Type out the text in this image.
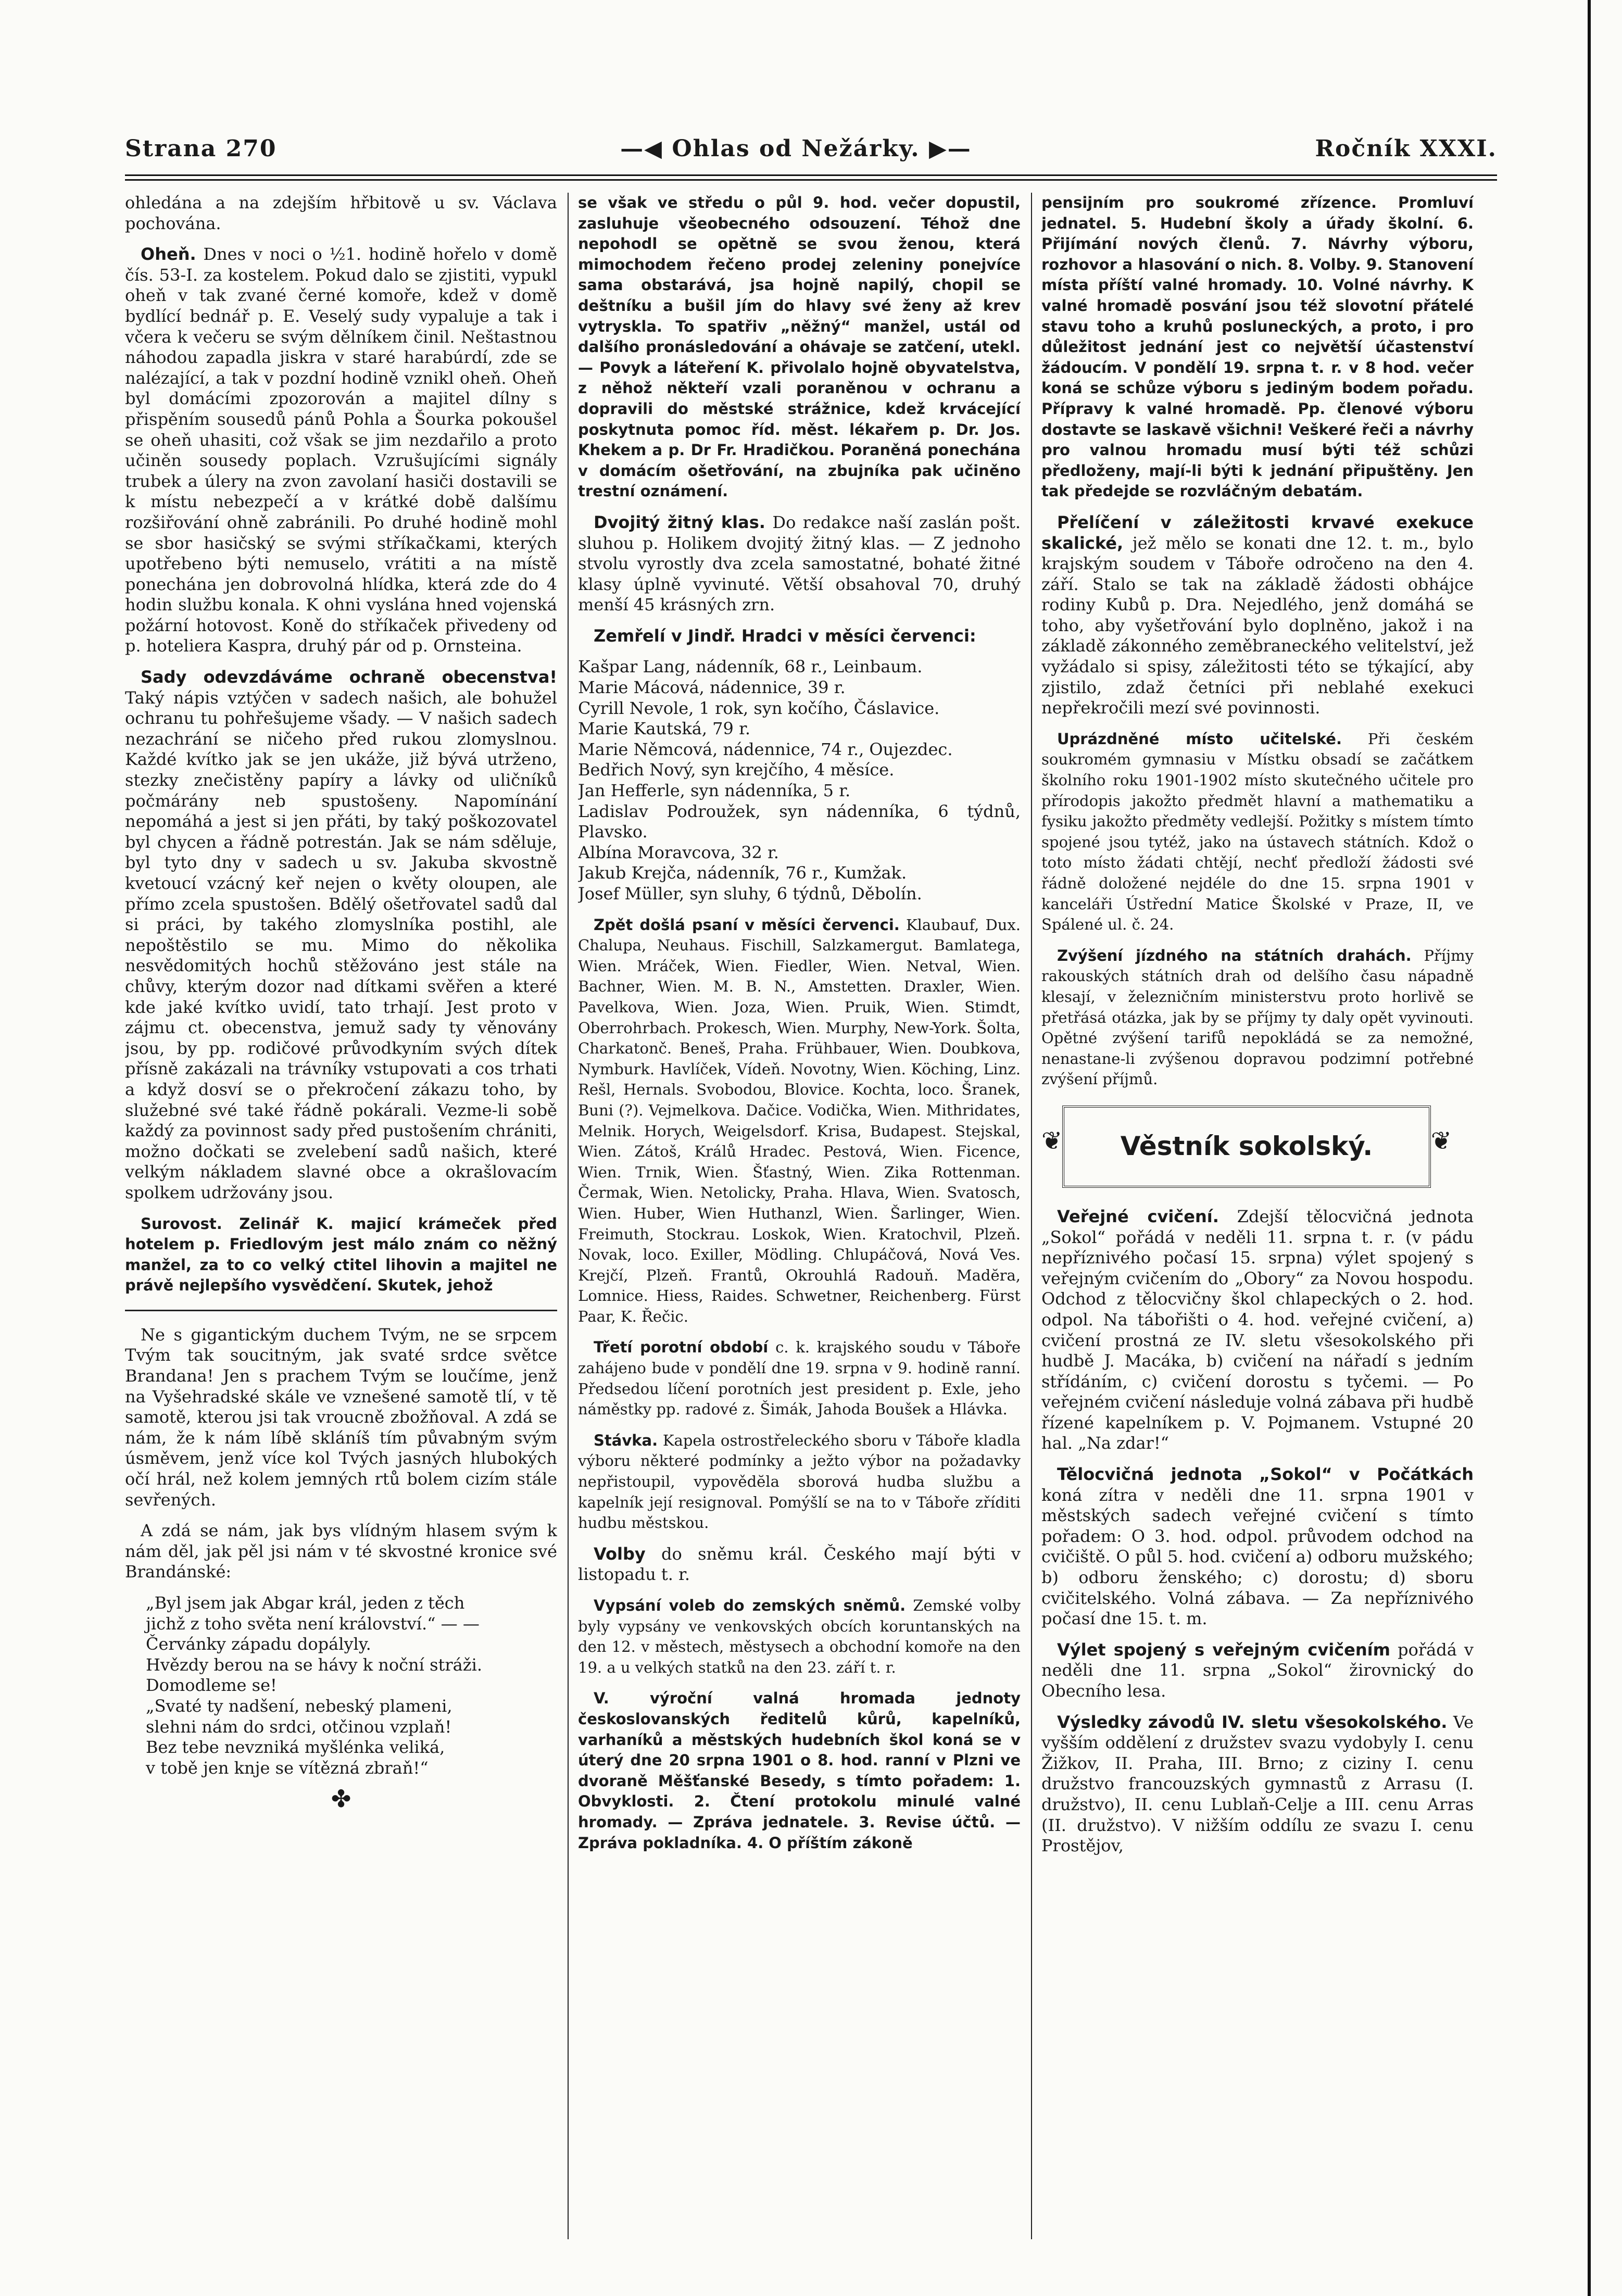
Strana 270	—◀ Ohlas od Nežárky. ▶—	Ročník XXXI.

ohledána a na zdejším hřbitově u sv. Václava pochována.

Oheň. Dnes v noci o ½1. hodině hořelo v domě čís. 53-I. za kostelem. Pokud dalo se zjistiti, vypukl oheň v tak zvané černé komoře, kdež v domě bydlící bednář p. E. Veselý sudy vypaluje a tak i včera k večeru se svým dělníkem činil. Neštastnou náhodou zapadla jiskra v staré harabúrdí, zde se nalézající, a tak v pozdní hodině vznikl oheň. Oheň byl domácími zpozorován a majitel dílny s přispěním sousedů pánů Pohla a Šourka pokoušel se oheň uhasiti, což však se jim nezdařilo a proto učiněn sousedy poplach. Vzrušujícími signály trubek a úlery na zvon zavolaní hasiči dostavili se k místu nebezpečí a v krátké době dalšímu rozšiřování ohně zabránili. Po druhé hodině mohl se sbor hasičský se svými stříkačkami, kterých upotřebeno býti nemuselo, vrátiti a na místě ponechána jen dobrovolná hlídka, která zde do 4 hodin službu konala. K ohni vyslána hned vojenská požární hotovost. Koně do stříkaček přivedeny od p. hoteliera Kaspra, druhý pár od p. Ornsteina.

Sady odevzdáváme ochraně obecenstva! Taký nápis vztýčen v sadech našich, ale bohužel ochranu tu pohřešujeme všady. — V našich sadech nezachrání se ničeho před rukou zlomyslnou. Každé kvítko jak se jen ukáže, již bývá utrženo, stezky znečistěny papíry a lávky od uličníků počmárány neb spustošeny. Napomínání nepomáhá a jest si jen přáti, by taký poškozovatel byl chycen a řádně potrestán. Jak se nám sděluje, byl tyto dny v sadech u sv. Jakuba skvostně kvetoucí vzácný keř nejen o květy oloupen, ale přímo zcela spustošen. Bdělý ošetřovatel sadů dal si práci, by takého zlomyslníka postihl, ale nepoštěstilo se mu. Mimo do několika nesvědomitých hochů stěžováno jest stále na chůvy, kterým dozor nad dítkami svěřen a které kde jaké kvítko uvidí, tato trhají. Jest proto v zájmu ct. obecenstva, jemuž sady ty věnovány jsou, by pp. rodičové průvodkyním svých dítek přísně zakázali na trávníky vstupovati a cos trhati a když dosví se o překročení zákazu toho, by služebné své také řádně pokárali. Vezme-li sobě každý za povinnost sady před pustošením chrániti, možno dočkati se zvelebení sadů našich, které velkým nákladem slavné obce a okrašlovacím spolkem udržovány jsou.

Surovost. Zelinář K. majicí krámeček před hotelem p. Friedlovým jest málo znám co něžný manžel, za to co velký ctitel lihovin a majitel ne právě nejlepšího vysvědčení. Skutek, jehož

Ne s gigantickým duchem Tvým, ne se srpcem Tvým tak soucitným, jak svaté srdce světce Brandana! Jen s prachem Tvým se loučíme, jenž na Vyšehradské skále ve vznešené samotě tlí, v tě samotě, kterou jsi tak vroucně zbožňoval. A zdá se nám, že k nám líbě skláníš tím půvabným svým úsměvem, jenž více kol Tvých jasných hlubokých očí hrál, než kolem jemných rtů bolem cizím stále sevřených.

A zdá se nám, jak bys vlídným hlasem svým k nám děl, jak pěl jsi nám v té skvostné kronice své Brandánské:

„Byl jsem jak Abgar král, jeden z těch
jichž z toho světa není království.“ — —
Červánky západu dopályly.
Hvězdy berou na se hávy k noční stráži.
Domodleme se!
„Svaté ty nadšení, nebeský plameni,
slehni nám do srdci, otčinou vzplaň!
Bez tebe nevzniká myšlénka veliká,
v tobě jen knje se vítězná zbraň!“
✤

se však ve středu o půl 9. hod. večer dopustil, zasluhuje všeobecného odsouzení. Téhož dne nepohodl se opětně se svou ženou, která mimochodem řečeno prodej zeleniny ponejvíce sama obstarává, jsa hojně napilý, chopil se deštníku a bušil jím do hlavy své ženy až krev vytryskla. To spatřiv „něžný“ manžel, ustál od dalšího pronásledování a ohávaje se zatčení, utekl. — Povyk a láteření K. přivolalo hojně obyvatelstva, z něhož někteří vzali poraněnou v ochranu a dopravili do městské strážnice, kdež krvácející poskytnuta pomoc říd. měst. lékařem p. Dr. Jos. Khekem a p. Dr Fr. Hradičkou. Poraněná ponechána v domácím ošetřování, na zbujníka pak učiněno trestní oznámení.

Dvojitý žitný klas. Do redakce naší zaslán pošt. sluhou p. Holikem dvojitý žitný klas. — Z jednoho stvolu vyrostly dva zcela samostatné, bohaté žitné klasy úplně vyvinuté. Větší obsahoval 70, druhý menší 45 krásných zrn.

Zemřelí v Jindř. Hradci v měsíci červenci:

Kašpar Lang, nádenník, 68 r., Leinbaum.
Marie Mácová, nádennice, 39 r.
Cyrill Nevole, 1 rok, syn kočího, Čáslavice.
Marie Kautská, 79 r.
Marie Němcová, nádennice, 74 r., Oujezdec.
Bedřich Nový, syn krejčího, 4 měsíce.
Jan Hefferle, syn nádenníka, 5 r.
Ladislav Podroužek, syn nádenníka, 6 týdnů, Plavsko.
Albína Moravcova, 32 r.
Jakub Krejča, nádenník, 76 r., Kumžak.
Josef Müller, syn sluhy, 6 týdnů, Děbolín.

Zpět došlá psaní v měsíci červenci. Klaubauf, Dux. Chalupa, Neuhaus. Fischill, Salzkamergut. Bamlatega, Wien. Mráček, Wien. Fiedler, Wien. Netval, Wien. Bachner, Wien. M. B. N., Amstetten. Draxler, Wien. Pavelkova, Wien. Joza, Wien. Pruik, Wien. Stimdt, Oberrohrbach. Prokesch, Wien. Murphy, New-York. Šolta, Charkatonč. Beneš, Praha. Frühbauer, Wien. Doubkova, Nymburk. Havlíček, Vídeň. Novotny, Wien. Köching, Linz. Rešl, Hernals. Svobodou, Blovice. Kochta, loco. Šranek, Buni (?). Vejmelkova. Dačice. Vodička, Wien. Mithridates, Melnik. Horych, Weigelsdorf. Krisa, Budapest. Stejskal, Wien. Zátoš, Králů Hradec. Pestová, Wien. Ficence, Wien. Trnik, Wien. Šťastný, Wien. Zika Rottenman. Čermak, Wien. Netolicky, Praha. Hlava, Wien. Svatosch, Wien. Huber, Wien Huthanzl, Wien. Šarlinger, Wien. Freimuth, Stockrau. Loskok, Wien. Kratochvil, Plzeň. Novak, loco. Exiller, Mödling. Chlupáčová, Nová Ves. Krejčí, Plzeň. Frantů, Okrouhlá Radouň. Madĕra, Lomnice. Hiess, Raides. Schwetner, Reichenberg. Fürst Paar, K. Řečic.

Třetí porotní období c. k. krajského soudu v Táboře zahájeno bude v pondělí dne 19. srpna v 9. hodině ranní. Předsedou líčení porotních jest president p. Exle, jeho náměstky pp. radové z. Šimák, Jahoda Boušek a Hlávka.

Stávka. Kapela ostrostřeleckého sboru v Táboře kladla výboru některé podmínky a ježto výbor na požadavky nepřistoupil, vypovědĕla sborová hudba službu a kapelník její resignoval. Pomýšlí se na to v Táboře zříditi hudbu městskou.

Volby do sněmu král. Českého mají býti v listopadu t. r.

Vypsání voleb do zemských sněmů. Zemské volby byly vypsány ve venkovských obcích koruntanských na den 12. v městech, městysech a obchodní komoře na den 19. a u velkých statků na den 23. září t. r.

V. výroční valná hromada	jednoty českoslovanských ředitelů kůrů, kapelníků, varhaníků a městských hudebních škol koná se v úterý dne 20 srpna 1901 o 8. hod. ranní v Plzni ve dvoraně Měšťanské Besedy, s tímto pořadem: 1. Obvyklosti. 2. Čtení protokolu minulé valné hromady. — Zpráva jednatele. 3. Revise účtů. — Zpráva pokladníka. 4. O příštím zákoně

pensijním pro soukromé zřízence. Promluví jednatel. 5. Hudební školy a úřady školní. 6. Přijímání nových členů. 7. Návrhy výboru, rozhovor a hlasování o nich. 8. Volby. 9. Stanovení místa příští valné hromady. 10. Volné návrhy. K valné hromadě posvání jsou též slovotní přátelé stavu toho a kruhů posluneckých, a proto, i pro důležitost jednání jest co největší účastenství žádoucím. V pondělí 19. srpna t. r. v 8 hod. večer koná se schůze výboru s jediným bodem pořadu. Přípravy k valné hromadě. Pp. členové výboru dostavte se laskavě všichni! Veškeré řeči a návrhy pro valnou hromadu musí býti též schůzi předloženy, mají-li býti k jednání připuštěny. Jen tak předejde se rozvláčným debatám.

Přelíčení v záležitosti krvavé exekuce skalické, jež mělo se konati dne 12. t. m., bylo krajským soudem v Táboře odročeno na den 4. září. Stalo se tak na základě žádosti obhájce rodiny Kubů p. Dra. Nejedlého, jenž domáhá se toho, aby vyšetřování bylo doplněno, jakož i na základě zákonného zeměbraneckého velitelství, jež vyžádalo si spisy, záležitosti této se týkající, aby zjistilo, zdaž četníci při neblahé exekuci nepřekročili mezí své povinnosti.

Uprázdněné místo učitelské. Při českém soukromém gymnasiu v Místku obsadí se začátkem školního roku 1901-1902 místo skutečného učitele pro přírodopis jakožto předmět hlavní a mathematiku a fysiku jakožto předměty vedlejší. Požitky s místem tímto spojené jsou tytéž, jako na ústavech státních. Kdož o toto místo žádati chtějí, nechť předloží žádosti své řádně doložené nejdéle do dne 15. srpna 1901 v kanceláři Ústřední Matice Školské v Praze, II, ve Spálené ul. č. 24.

Zvýšení jízdného na státních drahách. Příjmy rakouských státních drah od delšího času nápadně klesají, v železničním ministerstvu proto horlivě se přetřásá otázka, jak by se příjmy ty daly opět vyvinouti. Opětné zvýšení tarifů nepokládá se za nemožné, nenastane-li zvýšenou dopravou podzimní potřebné zvýšení příjmů.

❦ Věstník sokolský.
❦

Veřejné cvičení. Zdejší tělocvičná jednota „Sokol“ pořádá v neděli 11. srpna t. r. (v pádu nepříznivého počasí 15. srpna) výlet spojený s veřejným cvičením do „Obory“ za Novou hospodu. Odchod z tělocvičny škol chlapeckých o 2. hod. odpol. Na tábořišti o 4. hod. veřejné cvičení, a) cvičení prostná ze IV. sletu všesokolského při hudbě J. Macáka, b) cvičení na nářadí s jedním střídáním, c) cvičení dorostu s tyčemi. — Po veřejném cvičení následuje volná zábava při hudbě řízené kapelníkem p. V. Pojmanem. Vstupné 20 hal. „Na zdar!“

Tělocvičná jednota „Sokol“ v Počátkách koná zítra v neděli dne 11. srpna 1901 v městských sadech veřejné cvičení s tímto pořadem: O 3. hod. odpol. průvodem odchod na cvičiště. O půl 5. hod. cvičení a) odboru mužského; b) odboru ženského; c) dorostu; d) sboru cvičitelského. Volná zábava. — Za nepříznivého počasí dne 15. t. m.

Výlet spojený s veřejným cvičením pořádá v neděli dne 11. srpna „Sokol“ žirovnický do Obecního lesa.

Výsledky závodů IV. sletu všesokolského. Ve vyšším oddělení z družstev svazu vydobyly I. cenu Žižkov, II. Praha, III. Brno; z ciziny I. cenu družstvo francouzských gymnastů z Arrasu (I. družstvo), II. cenu Lublaň-Celje a III. cenu Arras (II. družstvo). V nižším oddílu ze svazu I. cenu Prostějov,
